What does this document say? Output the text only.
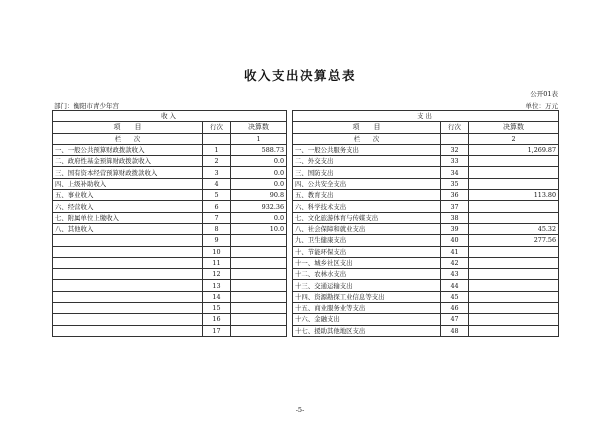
收入支出决算总表
公开01表
部门：衡阳市青少年宫	单位：万元
收入				支出		
项　　目	行次	决算数		项　　目	行次	决算数
栏　　次		1		栏　　次		2
一、一般公共预算财政拨款收入	1	588.73		一、一般公共服务支出	32	1,269.87
二、政府性基金预算财政拨款收入	2	0.0		二、外交支出	33	
三、国有资本经营预算财政拨款收入	3	0.0		三、国防支出	34	
四、上级补助收入	4	0.0		四、公共安全支出	35	
五、事业收入	5	90.8		五、教育支出	36	113.80
六、经营收入	6	932.36		六、科学技术支出	37	
七、附属单位上缴收入	7	0.0		七、文化旅游体育与传媒支出	38	
八、其他收入	8	10.0		八、社会保障和就业支出	39	45.32
	9			九、卫生健康支出	40	277.56
	10			十、节能环保支出	41	
	11			十一、城乡社区支出	42	
	12			十二、农林水支出	43	
	13			十三、交通运输支出	44	
	14			十四、资源勘探工业信息等支出	45	
	15			十五、商业服务业等支出	46	
	16			十六、金融支出	47	
	17			十七、援助其他地区支出	48	
-5-
